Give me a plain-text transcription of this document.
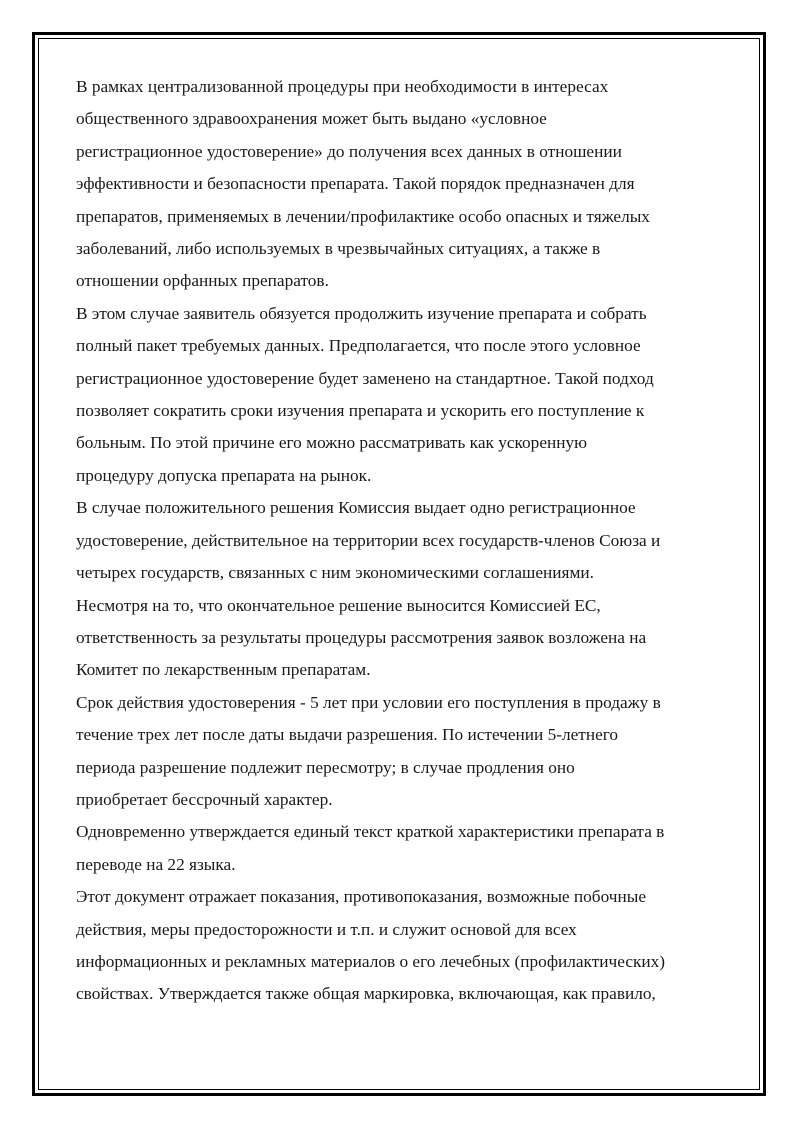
В рамках централизованной процедуры при необходимости в интересах
общественного здравоохранения может быть выдано «условное
регистрационное удостоверение» до получения всех данных в отношении
эффективности и безопасности препарата. Такой порядок предназначен для
препаратов, применяемых в лечении/профилактике особо опасных и тяжелых
заболеваний, либо используемых в чрезвычайных ситуациях, а также в
отношении орфанных препаратов.
В этом случае заявитель обязуется продолжить изучение препарата и собрать
полный пакет требуемых данных. Предполагается, что после этого условное
регистрационное удостоверение будет заменено на стандартное. Такой подход
позволяет сократить сроки изучения препарата и ускорить его поступление к
больным. По этой причине его можно рассматривать как ускоренную
процедуру допуска препарата на рынок.
В случае положительного решения Комиссия выдает одно регистрационное
удостоверение, действительное на территории всех государств-членов Союза и
четырех государств, связанных с ним экономическими соглашениями.
Несмотря на то, что окончательное решение выносится Комиссией ЕС,
ответственность за результаты процедуры рассмотрения заявок возложена на
Комитет по лекарственным препаратам.
Срок действия удостоверения - 5 лет при условии его поступления в продажу в
течение трех лет после даты выдачи разрешения. По истечении 5-летнего
периода разрешение подлежит пересмотру; в случае продления оно
приобретает бессрочный характер.
Одновременно утверждается единый текст краткой характеристики препарата в
переводе на 22 языка.
Этот документ отражает показания, противопоказания, возможные побочные
действия, меры предосторожности и т.п. и служит основой для всех
информационных и рекламных материалов о его лечебных (профилактических)
свойствах. Утверждается также общая маркировка, включающая, как правило,
